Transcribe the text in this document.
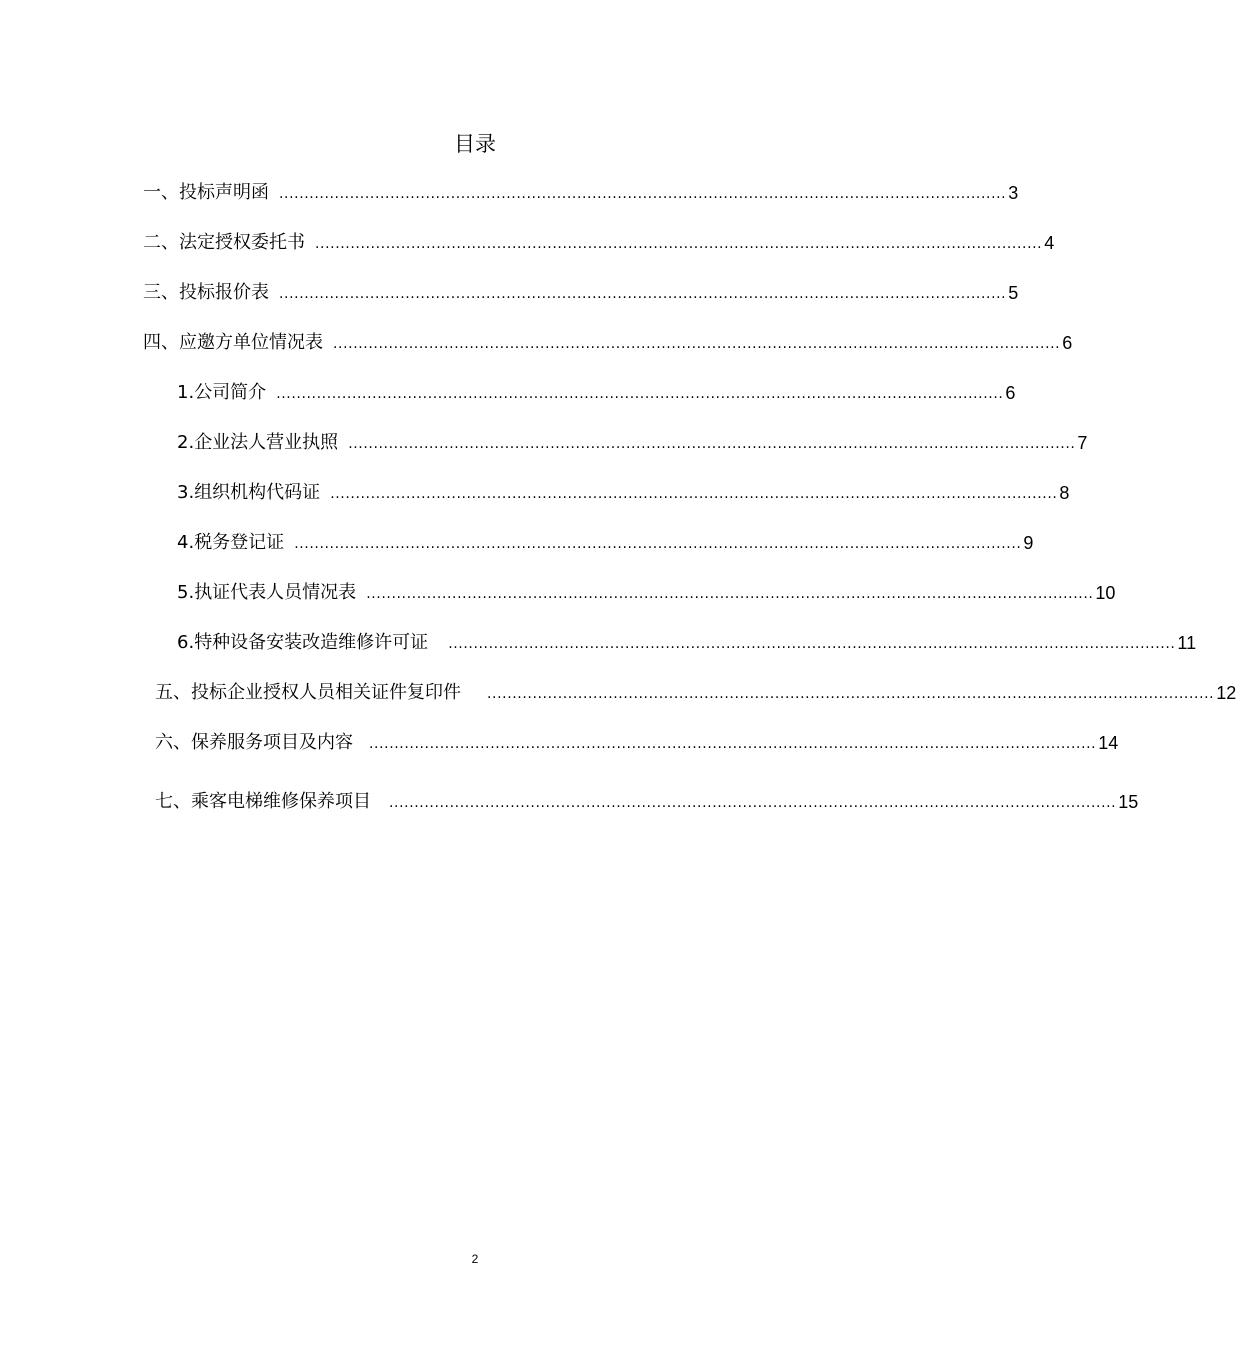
目录
一、 投标声明函 ................................................................................................................................................ 3
二、 法定授权委托书 ................................................................................................................................................ 4
三、 投标报价表 ................................................................................................................................................ 5
四、 应邀方单位情况表 ................................................................................................................................................ 6
1. 公司简介 ................................................................................................................................................ 6
2. 企业法人营业执照 ................................................................................................................................................ 7
3. 组织机构代码证 ................................................................................................................................................ 8
4. 税务登记证 ................................................................................................................................................ 9
5. 执证代表人员情况表 ................................................................................................................................................ 10
6. 特种设备安装改造维修许可证 ................................................................................................................................................ 11
五、 投标企业授权人员相关证件复印件 ................................................................................................................................................ 12
六、 保养服务项目及内容 ................................................................................................................................................ 14
七、 乘客电梯维修保养项目 ................................................................................................................................................ 15
2
